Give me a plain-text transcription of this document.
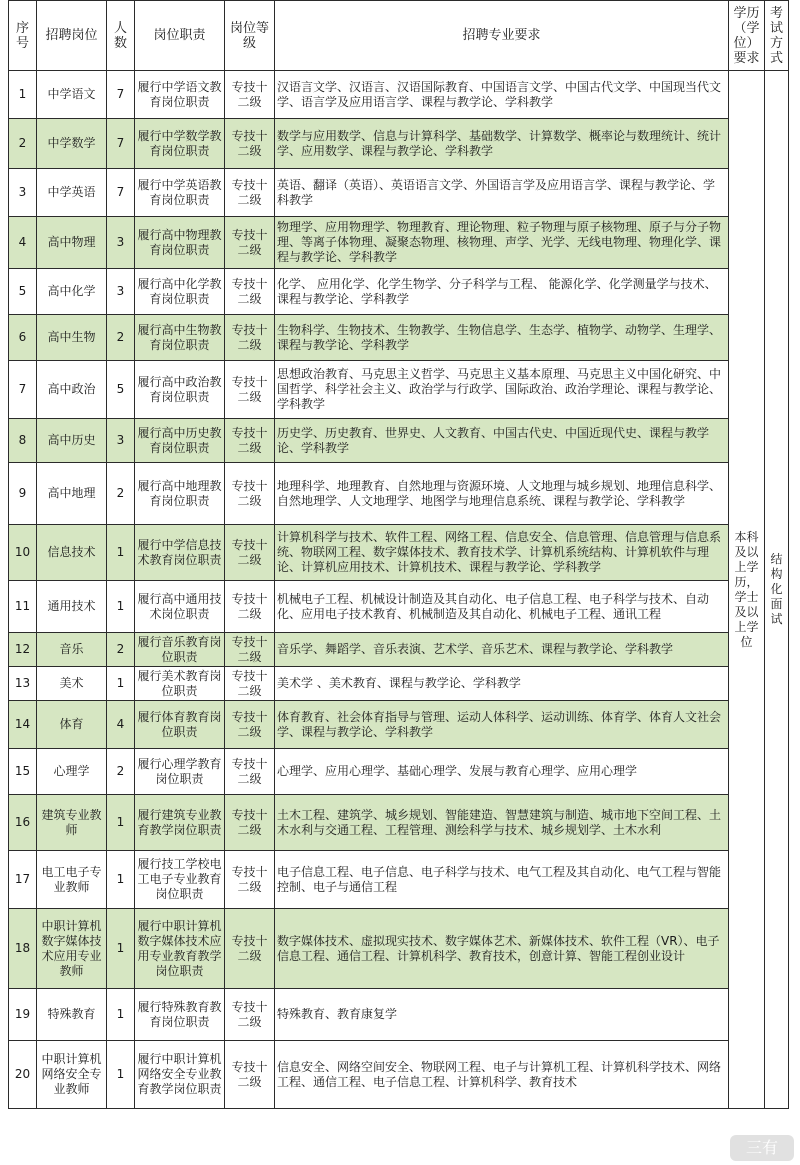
序号	招聘岗位	人数	岗位职责	岗位等级	招聘专业要求	学历（学位）要求	考试方式
1	中学语文	7	履行中学语文教育岗位职责	专技十二级	汉语言文学、汉语言、汉语国际教育、中国语言文学、中国古代文学、中国现当代文学、语言学及应用语言学、课程与教学论、学科教学	本科及以上学历，学士及以上学位	结构化面试
2	中学数学	7	履行中学数学教育岗位职责	专技十二级	数学与应用数学、信息与计算科学、基础数学、计算数学、概率论与数理统计、统计学、应用数学、课程与教学论、学科教学		
3	中学英语	7	履行中学英语教育岗位职责	专技十二级	英语、翻译（英语）、英语语言文学、外国语言学及应用语言学、课程与教学论、学科教学		
4	高中物理	3	履行高中物理教育岗位职责	专技十二级	物理学、应用物理学、物理教育、理论物理、粒子物理与原子核物理、原子与分子物理、等离子体物理、凝聚态物理、核物理、声学、光学、无线电物理、物理化学、课程与教学论、学科教学		
5	高中化学	3	履行高中化学教育岗位职责	专技十二级	化学、 应用化学、化学生物学、分子科学与工程、 能源化学、化学测量学与技术、课程与教学论、学科教学		
6	高中生物	2	履行高中生物教育岗位职责	专技十二级	生物科学、生物技术、生物教学、生物信息学、生态学、植物学、动物学、生理学、课程与教学论、学科教学		
7	高中政治	5	履行高中政治教育岗位职责	专技十二级	思想政治教育、马克思主义哲学、马克思主义基本原理、马克思主义中国化研究、中国哲学、科学社会主义、政治学与行政学、国际政治、政治学理论、课程与教学论、学科教学		
8	高中历史	3	履行高中历史教育岗位职责	专技十二级	历史学、历史教育、世界史、人文教育、中国古代史、中国近现代史、课程与教学论、学科教学		
9	高中地理	2	履行高中地理教育岗位职责	专技十二级	地理科学、地理教育、自然地理与资源环境、人文地理与城乡规划、地理信息科学、自然地理学、人文地理学、地图学与地理信息系统、课程与教学论、学科教学		
10	信息技术	1	履行中学信息技术教育岗位职责	专技十二级	计算机科学与技术、软件工程、网络工程、信息安全、信息管理、信息管理与信息系统、物联网工程、数字媒体技术、教育技术学、计算机系统结构、计算机软件与理论、计算机应用技术、计算机技术、课程与教学论、学科教学		
11	通用技术	1	履行高中通用技术岗位职责	专技十二级	机械电子工程、机械设计制造及其自动化、电子信息工程、电子科学与技术、自动化、应用电子技术教育、机械制造及其自动化、机械电子工程、通讯工程		
12	音乐	2	履行音乐教育岗位职责	专技十二级	音乐学、舞蹈学、音乐表演、艺术学、音乐艺术、课程与教学论、学科教学		
13	美术	1	履行美术教育岗位职责	专技十二级	美术学 、美术教育、课程与教学论、学科教学		
14	体育	4	履行体育教育岗位职责	专技十二级	体育教育、社会体育指导与管理、运动人体科学、运动训练、体育学、体育人文社会学、课程与教学论、学科教学		
15	心理学	2	履行心理学教育岗位职责	专技十二级	心理学、应用心理学、基础心理学、发展与教育心理学、应用心理学		
16	建筑专业教师	1	履行建筑专业教育教学岗位职责	专技十二级	土木工程、建筑学、城乡规划、智能建造、智慧建筑与制造、城市地下空间工程、土木水利与交通工程、工程管理、测绘科学与技术、城乡规划学、土木水利		
17	电工电子专业教师	1	履行技工学校电工电子专业教育岗位职责	专技十二级	电子信息工程、电子信息、电子科学与技术、电气工程及其自动化、电气工程与智能控制、电子与通信工程		
18	中职计算机数字媒体技术应用专业教师	1	履行中职计算机数字媒体技术应用专业教育教学岗位职责	专技十二级	数字媒体技术、虚拟现实技术、数字媒体艺术、新媒体技术、软件工程（VR）、电子信息工程、通信工程、计算机科学、教育技术，创意计算、智能工程创业设计		
19	特殊教育	1	履行特殊教育教育岗位职责	专技十二级	特殊教育、教育康复学		
20	中职计算机网络安全专业教师	1	履行中职计算机网络安全专业教育教学岗位职责	专技十二级	信息安全、网络空间安全、物联网工程、电子与计算机工程、计算机科学技术、网络工程、通信工程、电子信息工程、计算机科学、教育技术		
三有
